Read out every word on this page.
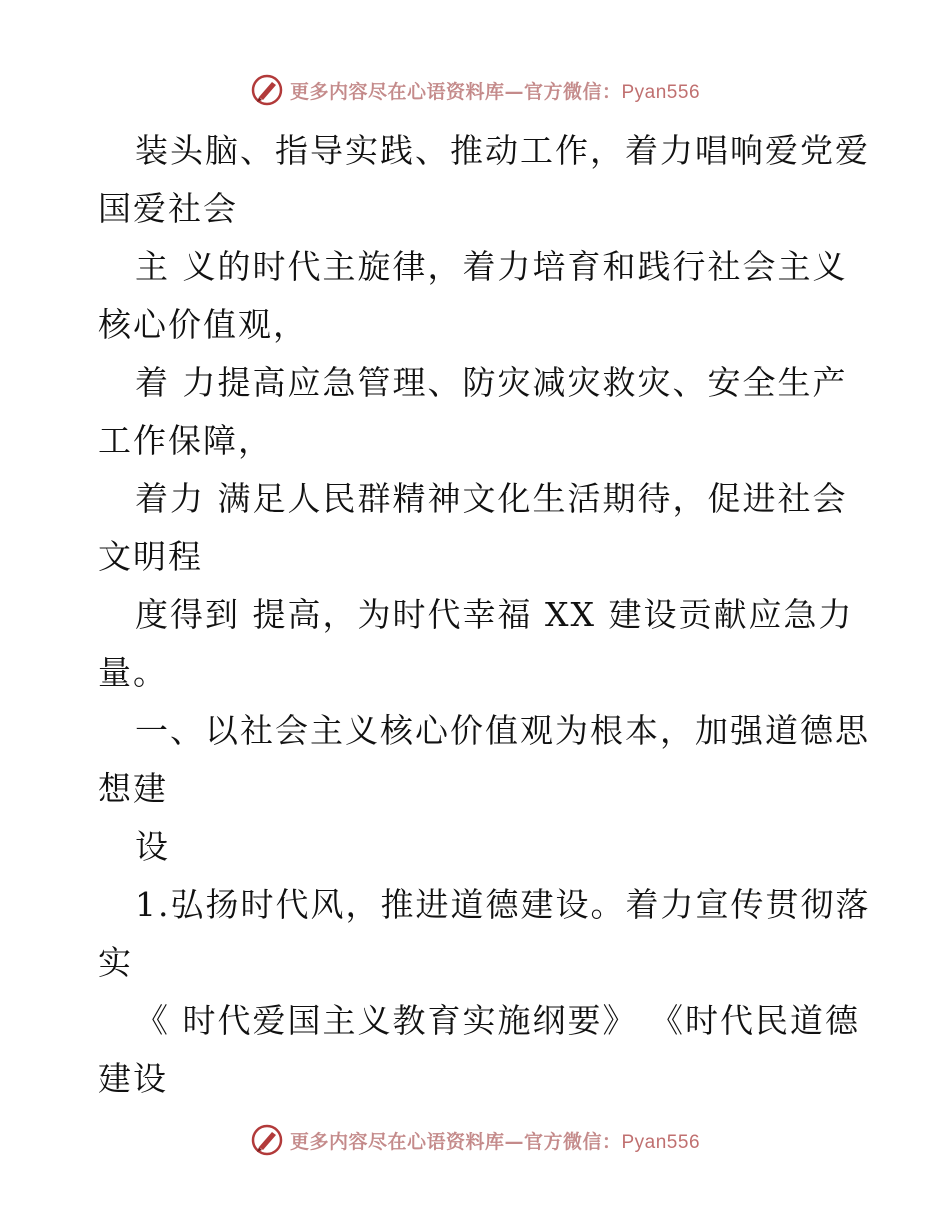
更多内容尽在心语资料库—官方微信：Pyan556
装头脑、指导实践、推动工作，着力唱响爱党爱
国爱社会
主 义的时代主旋律，着力培育和践行社会主义
核心价值观，
着 力提高应急管理、防灾减灾救灾、安全生产
工作保障，
着力 满足人民群精神文化生活期待，促进社会
文明程
度得到 提高，为时代幸福 XX 建设贡献应急力
量。
一、以社会主义核心价值观为根本，加强道德思
想建
设
1.弘扬时代风，推进道德建设。着力宣传贯彻落
实
《 时代爱国主义教育实施纲要》 《时代民道德
建设
更多内容尽在心语资料库—官方微信：Pyan556
